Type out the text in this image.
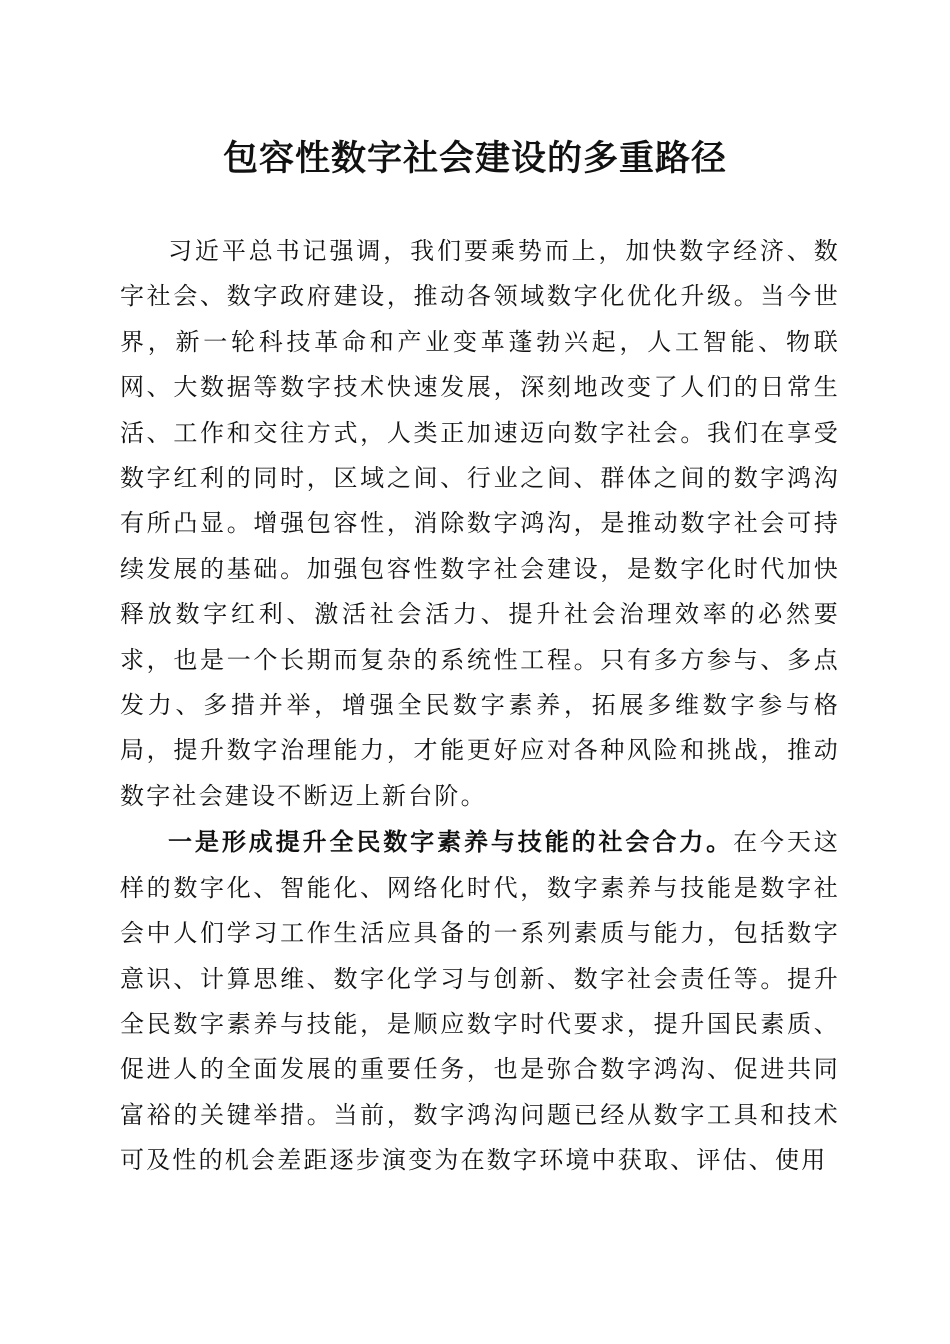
包容性数字社会建设的多重路径

习近平总书记强调，我们要乘势而上，加快数字经济、数字社会、数字政府建设，推动各领域数字化优化升级。当今世界，新一轮科技革命和产业变革蓬勃兴起，人工智能、物联网、大数据等数字技术快速发展，深刻地改变了人们的日常生活、工作和交往方式，人类正加速迈向数字社会。我们在享受数字红利的同时，区域之间、行业之间、群体之间的数字鸿沟有所凸显。增强包容性，消除数字鸿沟，是推动数字社会可持续发展的基础。加强包容性数字社会建设，是数字化时代加快释放数字红利、激活社会活力、提升社会治理效率的必然要求，也是一个长期而复杂的系统性工程。只有多方参与、多点发力、多措并举，增强全民数字素养，拓展多维数字参与格局，提升数字治理能力，才能更好应对各种风险和挑战，推动数字社会建设不断迈上新台阶。

一是形成提升全民数字素养与技能的社会合力。在今天这样的数字化、智能化、网络化时代，数字素养与技能是数字社会中人们学习工作生活应具备的一系列素质与能力，包括数字意识、计算思维、数字化学习与创新、数字社会责任等。提升全民数字素养与技能，是顺应数字时代要求，提升国民素质、促进人的全面发展的重要任务，也是弥合数字鸿沟、促进共同富裕的关键举措。当前，数字鸿沟问题已经从数字工具和技术可及性的机会差距逐步演变为在数字环境中获取、评估、使用
